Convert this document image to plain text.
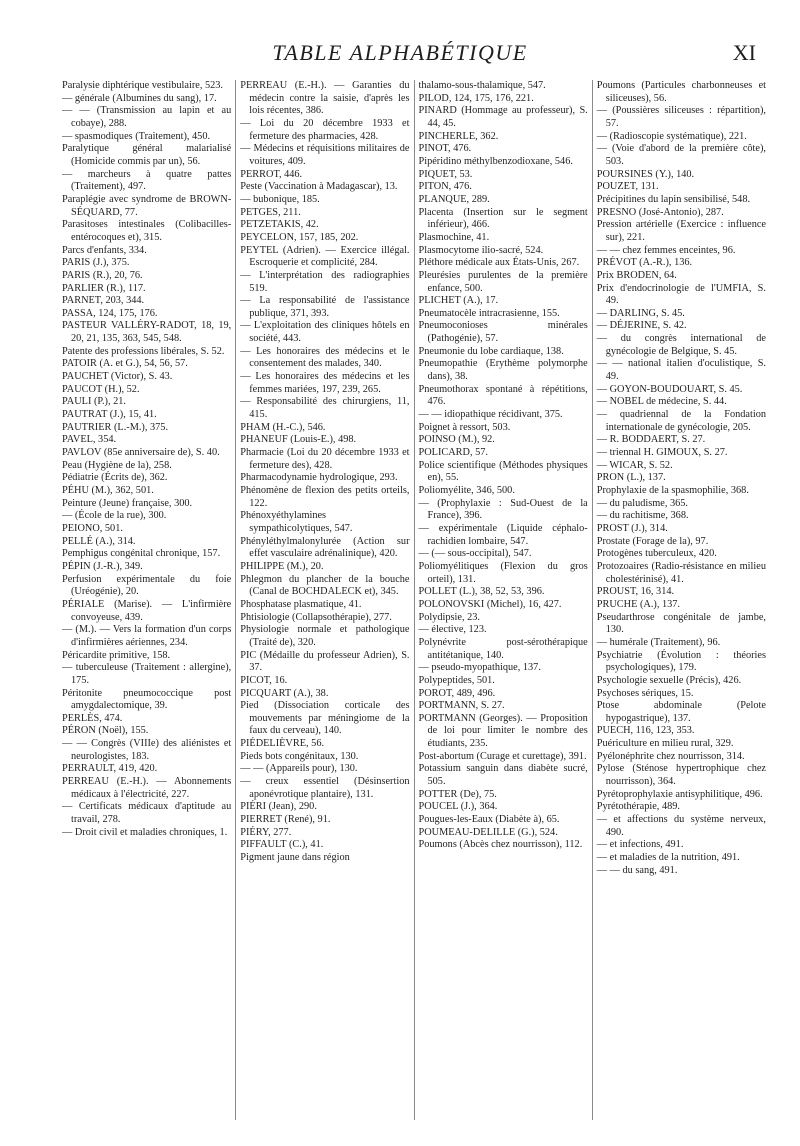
TABLE ALPHABÉTIQUE	XI
Paralysie diphtérique vestibulaire, 523.
— générale (Albumines du sang), 17.
— — (Transmission au lapin et au cobaye), 288.
— spasmodiques (Traitement), 450.
Paralytique général malarialisé (Homicide commis par un), 56.
— marcheurs à quatre pattes (Traitement), 497.
Paraplégie avec syndrome de BROWN-SÉQUARD, 77.
Parasitoses intestinales (Colibacilles-entérocoques et), 315.
Parcs d'enfants, 334.
PARIS (J.), 375.
PARIS (R.), 20, 76.
PARLIER (R.), 117.
PARNET, 203, 344.
PASSA, 124, 175, 176.
PASTEUR VALLÉRY-RADOT, 18, 19, 20, 21, 135, 363, 545, 548.
Patente des professions libérales, S. 52.
PATOIR (A. et G.), 54, 56, 57.
PAUCHET (Victor), S. 43.
PAUCOT (H.), 52.
PAULI (P.), 21.
PAUTRAT (J.), 15, 41.
PAUTRIER (L.-M.), 375.
PAVEL, 354.
PAVLOV (85e anniversaire de), S. 40.
Peau (Hygiène de la), 258.
Pédiatrie (Écrits de), 362.
PÉHU (M.), 362, 501.
Peinture (Jeune) française, 300.
— (École de la rue), 300.
PEIONO, 501.
PELLÉ (A.), 314.
Pemphigus congénital chronique, 157.
PÉPIN (J.-R.), 349.
Perfusion expérimentale du foie (Uréogénie), 20.
PÉRIALE (Marise). — L'infirmière convoyeuse, 439.
— (M.). — Vers la formation d'un corps d'infirmières aériennes, 234.
Péricardite primitive, 158.
— tuberculeuse (Traitement : allergine), 175.
Péritonite pneumococcique post amygdalectomique, 39.
PERLÈS, 474.
PÉRON (Noël), 155.
— — Congrès (VIIIe) des aliénistes et neurologistes, 183.
PERRAULT, 419, 420.
PERREAU (E.-H.). — Abonnements médicaux à l'électricité, 227.
— Certificats médicaux d'aptitude au travail, 278.
— Droit civil et maladies chroniques, 1.
PERREAU (E.-H.). — Garanties du médecin contre la saisie, d'après les lois récentes, 386.
— Loi du 20 décembre 1933 et fermeture des pharmacies, 428.
— Médecins et réquisitions militaires de voitures, 409.
PERROT, 446.
Peste (Vaccination à Madagascar), 13.
— bubonique, 185.
PETGES, 211.
PETZETAKIS, 42.
PEYCELON, 157, 185, 202.
PEYTEL (Adrien). — Exercice illégal. Escroquerie et complicité, 284.
— L'interprétation des radiographies 519.
— La responsabilité de l'assistance publique, 371, 393.
— L'exploitation des cliniques hôtels en société, 443.
— Les honoraires des médecins et le consentement des malades, 340.
— Les honoraires des médecins et les femmes mariées, 197, 239, 265.
— Responsabilité des chirurgiens, 11, 415.
PHAM (H.-C.), 546.
PHANEUF (Louis-E.), 498.
Pharmacie (Loi du 20 décembre 1933 et fermeture des), 428.
Pharmacodynamie hydrologique, 293.
Phénomène de flexion des petits orteils, 122.
Phénoxyéthylamines sympathicolytiques, 547.
Phényléthylmalonylurée (Action sur effet vasculaire adrénalinique), 420.
PHILIPPE (M.), 20.
Phlegmon du plancher de la bouche (Canal de BOCHDALECK et), 345.
Phosphatase plasmatique, 41.
Phtisiologie (Collapsothérapie), 277.
Physiologie normale et pathologique (Traité de), 320.
PIC (Médaille du professeur Adrien), S. 37.
PICOT, 16.
PICQUART (A.), 38.
Pied (Dissociation corticale des mouvements par méningiome de la faux du cerveau), 140.
PIÉDELIÈVRE, 56.
Pieds bots congénitaux, 130.
— — (Appareils pour), 130.
— creux essentiel (Désinsertion aponévrotique plantaire), 131.
PIÉRI (Jean), 290.
PIERRET (René), 91.
PIÉRY, 277.
PIFFAULT (C.), 41.
Pigment jaune dans région
thalamo-sous-thalamique, 547.
PILOD, 124, 175, 176, 221.
PINARD (Hommage au professeur), S. 44, 45.
PINCHERLE, 362.
PINOT, 476.
Pipéridino méthylbenzodioxane, 546.
PIQUET, 53.
PITON, 476.
PLANQUE, 289.
Placenta (Insertion sur le segment inférieur), 466.
Plasmochine, 41.
Plasmocytome ilio-sacré, 524.
Pléthore médicale aux États-Unis, 267.
Pleurésies purulentes de la première enfance, 500.
PLICHET (A.), 17.
Pneumatocèle intracrasienne, 155.
Pneumoconioses minérales (Pathogénie), 57.
Pneumonie du lobe cardiaque, 138.
Pneumopathie (Erythème polymorphe dans), 38.
Pneumothorax spontané à répétitions, 476.
— — idiopathique récidivant, 375.
Poignet à ressort, 503.
POINSO (M.), 92.
POLICARD, 57.
Police scientifique (Méthodes physiques en), 55.
Poliomyélite, 346, 500.
— (Prophylaxie : Sud-Ouest de la France), 396.
— expérimentale (Liquide céphalo-rachidien lombaire, 547.
— (— sous-occipital), 547.
Poliomyélitiques (Flexion du gros orteil), 131.
POLLET (L.), 38, 52, 53, 396.
POLONOVSKI (Michel), 16, 427.
Polydipsie, 23.
— élective, 123.
Polynévrite post-sérothérapique antitétanique, 140.
— pseudo-myopathique, 137.
Polypeptides, 501.
POROT, 489, 496.
PORTMANN, S. 27.
PORTMANN (Georges). — Proposition de loi pour limiter le nombre des étudiants, 235.
Post-abortum (Curage et curettage), 391.
Potassium sanguin dans diabète sucré, 505.
POTTER (De), 75.
POUCEL (J.), 364.
Pougues-les-Eaux (Diabète à), 65.
POUMEAU-DELILLE (G.), 524.
Poumons (Abcès chez nourrisson), 112.
Poumons (Particules charbonneuses et siliceuses), 56.
— (Poussières siliceuses : répartition), 57.
— (Radioscopie systématique), 221.
— (Voie d'abord de la première côte), 503.
POURSINES (Y.), 140.
POUZET, 131.
Précipitines du lapin sensibilisé, 548.
PRESNO (José-Antonio), 287.
Pression artérielle (Exercice : influence sur), 221.
— — chez femmes enceintes, 96.
PRÉVOT (A.-R.), 136.
Prix BRODEN, 64.
Prix d'endocrinologie de l'UMFIA, S. 49.
— DARLING, S. 45.
— DÉJERINE, S. 42.
— du congrès international de gynécologie de Belgique, S. 45.
— — national italien d'oculistique, S. 49.
— GOYON-BOUDOUART, S. 45.
— NOBEL de médecine, S. 44.
— quadriennal de la Fondation internationale de gynécologie, 205.
— R. BODDAERT, S. 27.
— triennal H. GIMOUX, S. 27.
— WICAR, S. 52.
PRON (L.), 137.
Prophylaxie de la spasmophilie, 368.
— du paludisme, 365.
— du rachitisme, 368.
PROST (J.), 314.
Prostate (Forage de la), 97.
Protogènes tuberculeux, 420.
Protozoaires (Radio-résistance en milieu cholestérinisé), 41.
PROUST, 16, 314.
PRUCHE (A.), 137.
Pseudarthrose congénitale de jambe, 130.
— humérale (Traitement), 96.
Psychiatrie (Évolution : théories psychologiques), 179.
Psychologie sexuelle (Précis), 426.
Psychoses sériques, 15.
Ptose abdominale (Pelote hypogastrique), 137.
PUECH, 116, 123, 353.
Puériculture en milieu rural, 329.
Pyélonéphrite chez nourrisson, 314.
Pylose (Sténose hypertrophique chez nourrisson), 364.
Pyrétoprophylaxie antisyphilitique, 496.
Pyrétothérapie, 489.
— et affections du système nerveux, 490.
— et infections, 491.
— et maladies de la nutrition, 491.
— — du sang, 491.
